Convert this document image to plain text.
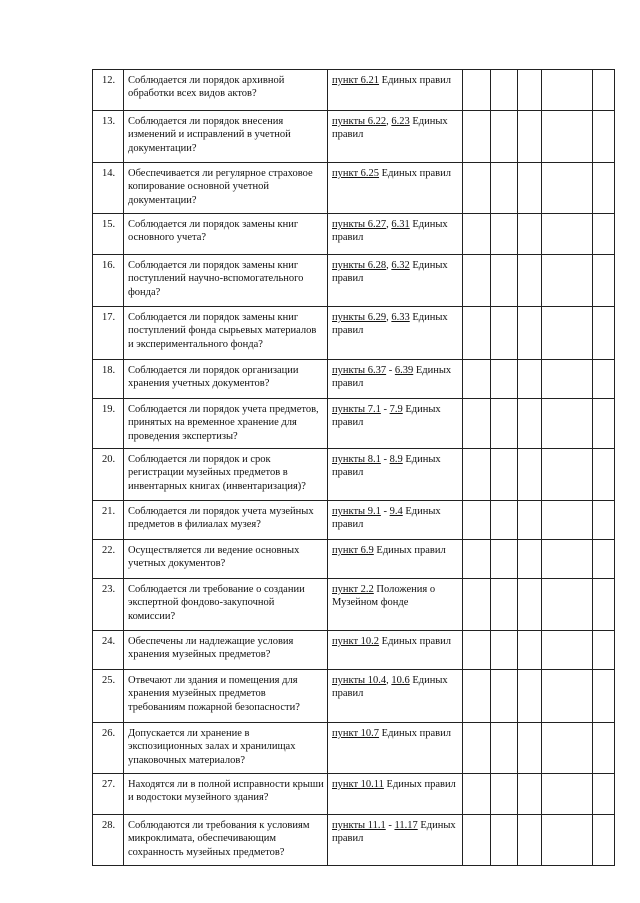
12.	Соблюдается ли порядок архивной обработки всех видов актов?	пункт 6.21 Единых правил					
13.	Соблюдается ли порядок внесения изменений и исправлений в учетной документации?	пункты 6.22, 6.23 Единых правил					
14.	Обеспечивается ли регулярное страховое копирование основной учетной документации?	пункт 6.25 Единых правил					
15.	Соблюдается ли порядок замены книг основного учета?	пункты 6.27, 6.31 Единых правил					
16.	Соблюдается ли порядок замены книг поступлений научно-вспомогательного фонда?	пункты 6.28, 6.32 Единых правил					
17.	Соблюдается ли порядок замены книг поступлений фонда сырьевых материалов и экспериментального фонда?	пункты 6.29, 6.33 Единых правил					
18.	Соблюдается ли порядок организации хранения учетных документов?	пункты 6.37 - 6.39 Единых правил					
19.	Соблюдается ли порядок учета предметов, принятых на временное хранение для проведения экспертизы?	пункты 7.1 - 7.9 Единых правил					
20.	Соблюдается ли порядок и срок регистрации музейных предметов в инвентарных книгах (инвентаризация)?	пункты 8.1 - 8.9 Единых правил					
21.	Соблюдается ли порядок учета музейных предметов в филиалах музея?	пункты 9.1 - 9.4 Единых правил					
22.	Осуществляется ли ведение основных учетных документов?	пункт 6.9 Единых правил					
23.	Соблюдается ли требование о создании экспертной фондово-закупочной комиссии?	пункт 2.2 Положения о Музейном фонде					
24.	Обеспечены ли надлежащие условия хранения музейных предметов?	пункт 10.2 Единых правил					
25.	Отвечают ли здания и помещения для хранения музейных предметов требованиям пожарной безопасности?	пункты 10.4, 10.6 Единых правил					
26.	Допускается ли хранение в экспозиционных залах и хранилищах упаковочных материалов?	пункт 10.7 Единых правил					
27.	Находятся ли в полной исправности крыши и водостоки музейного здания?	пункт 10.11 Единых правил					
28.	Соблюдаются ли требования к условиям микроклимата, обеспечивающим сохранность музейных предметов?	пункты 11.1 - 11.17 Единых правил					
